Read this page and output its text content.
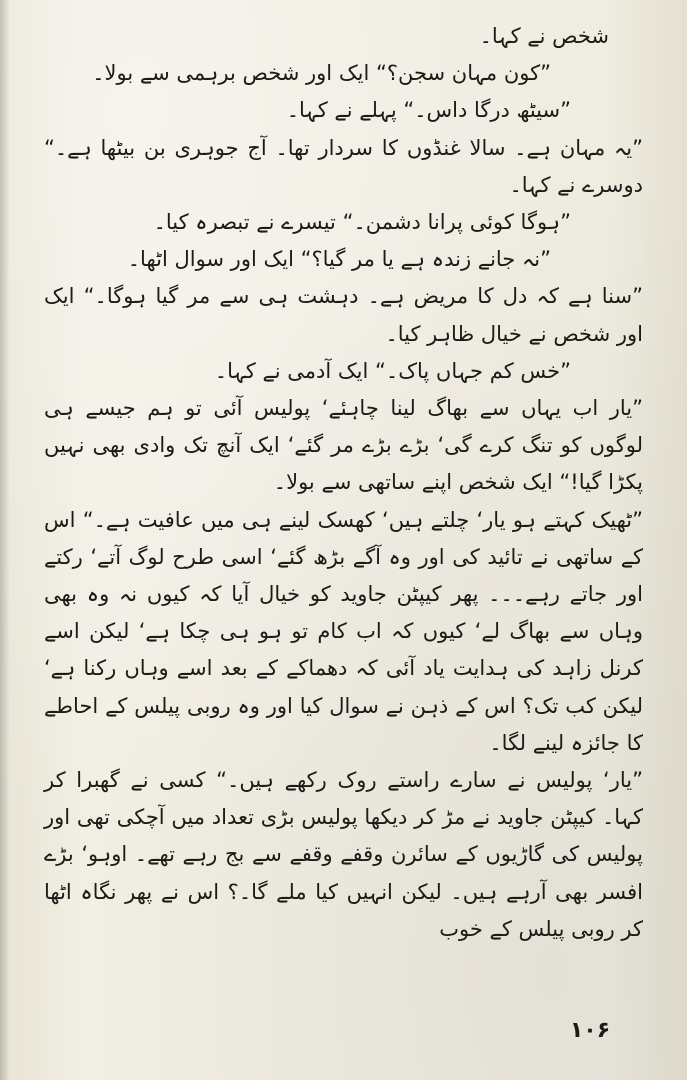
شخص نے کہا۔

”کون مہان سجن؟“ ایک اور شخص برہمی سے بولا۔

”سیٹھ درگا داس۔“ پہلے نے کہا۔

”یہ مہان ہے۔ سالا غنڈوں کا سردار تھا۔ آج جوہری بن بیٹھا ہے۔“ دوسرے نے کہا۔

”ہوگا کوئی پرانا دشمن۔“ تیسرے نے تبصرہ کیا۔

”نہ جانے زندہ ہے یا مر گیا؟“ ایک اور سوال اٹھا۔

”سنا ہے کہ دل کا مریض ہے۔ دہشت ہی سے مر گیا ہوگا۔“ ایک اور شخص نے خیال ظاہر کیا۔

”خس کم جہاں پاک۔“ ایک آدمی نے کہا۔

”یار اب یہاں سے بھاگ لینا چاہئے‘ پولیس آئی تو ہم جیسے ہی لوگوں کو تنگ کرے گی‘ بڑے بڑے مر گئے‘ ایک آنچ تک وادی بھی نہیں پکڑا گیا!“ ایک شخص اپنے ساتھی سے بولا۔

”ٹھیک کہتے ہو یار‘ چلتے ہیں‘ کھسک لینے ہی میں عافیت ہے۔“ اس کے ساتھی نے تائید کی اور وہ آگے بڑھ گئے‘ اسی طرح لوگ آتے‘ رکتے اور جاتے رہے۔۔۔ پھر کیپٹن جاوید کو خیال آیا کہ کیوں نہ وہ بھی وہاں سے بھاگ لے‘ کیوں کہ اب کام تو ہو ہی چکا ہے‘ لیکن اسے کرنل زاہد کی ہدایت یاد آئی کہ دھماکے کے بعد اسے وہاں رکنا ہے‘ لیکن کب تک؟ اس کے ذہن نے سوال کیا اور وہ روبی پیلس کے احاطے کا جائزہ لینے لگا۔

”یار‘ پولیس نے سارے راستے روک رکھے ہیں۔“ کسی نے گھبرا کر کہا۔ کیپٹن جاوید نے مڑ کر دیکھا پولیس بڑی تعداد میں آچکی تھی اور پولیس کی گاڑیوں کے سائرن وقفے وقفے سے بج رہے تھے۔ اوہو‘ بڑے افسر بھی آرہے ہیں۔ لیکن انہیں کیا ملے گا۔؟ اس نے پھر نگاہ اٹھا کر روبی پیلس کے خوب

۱۰۶
